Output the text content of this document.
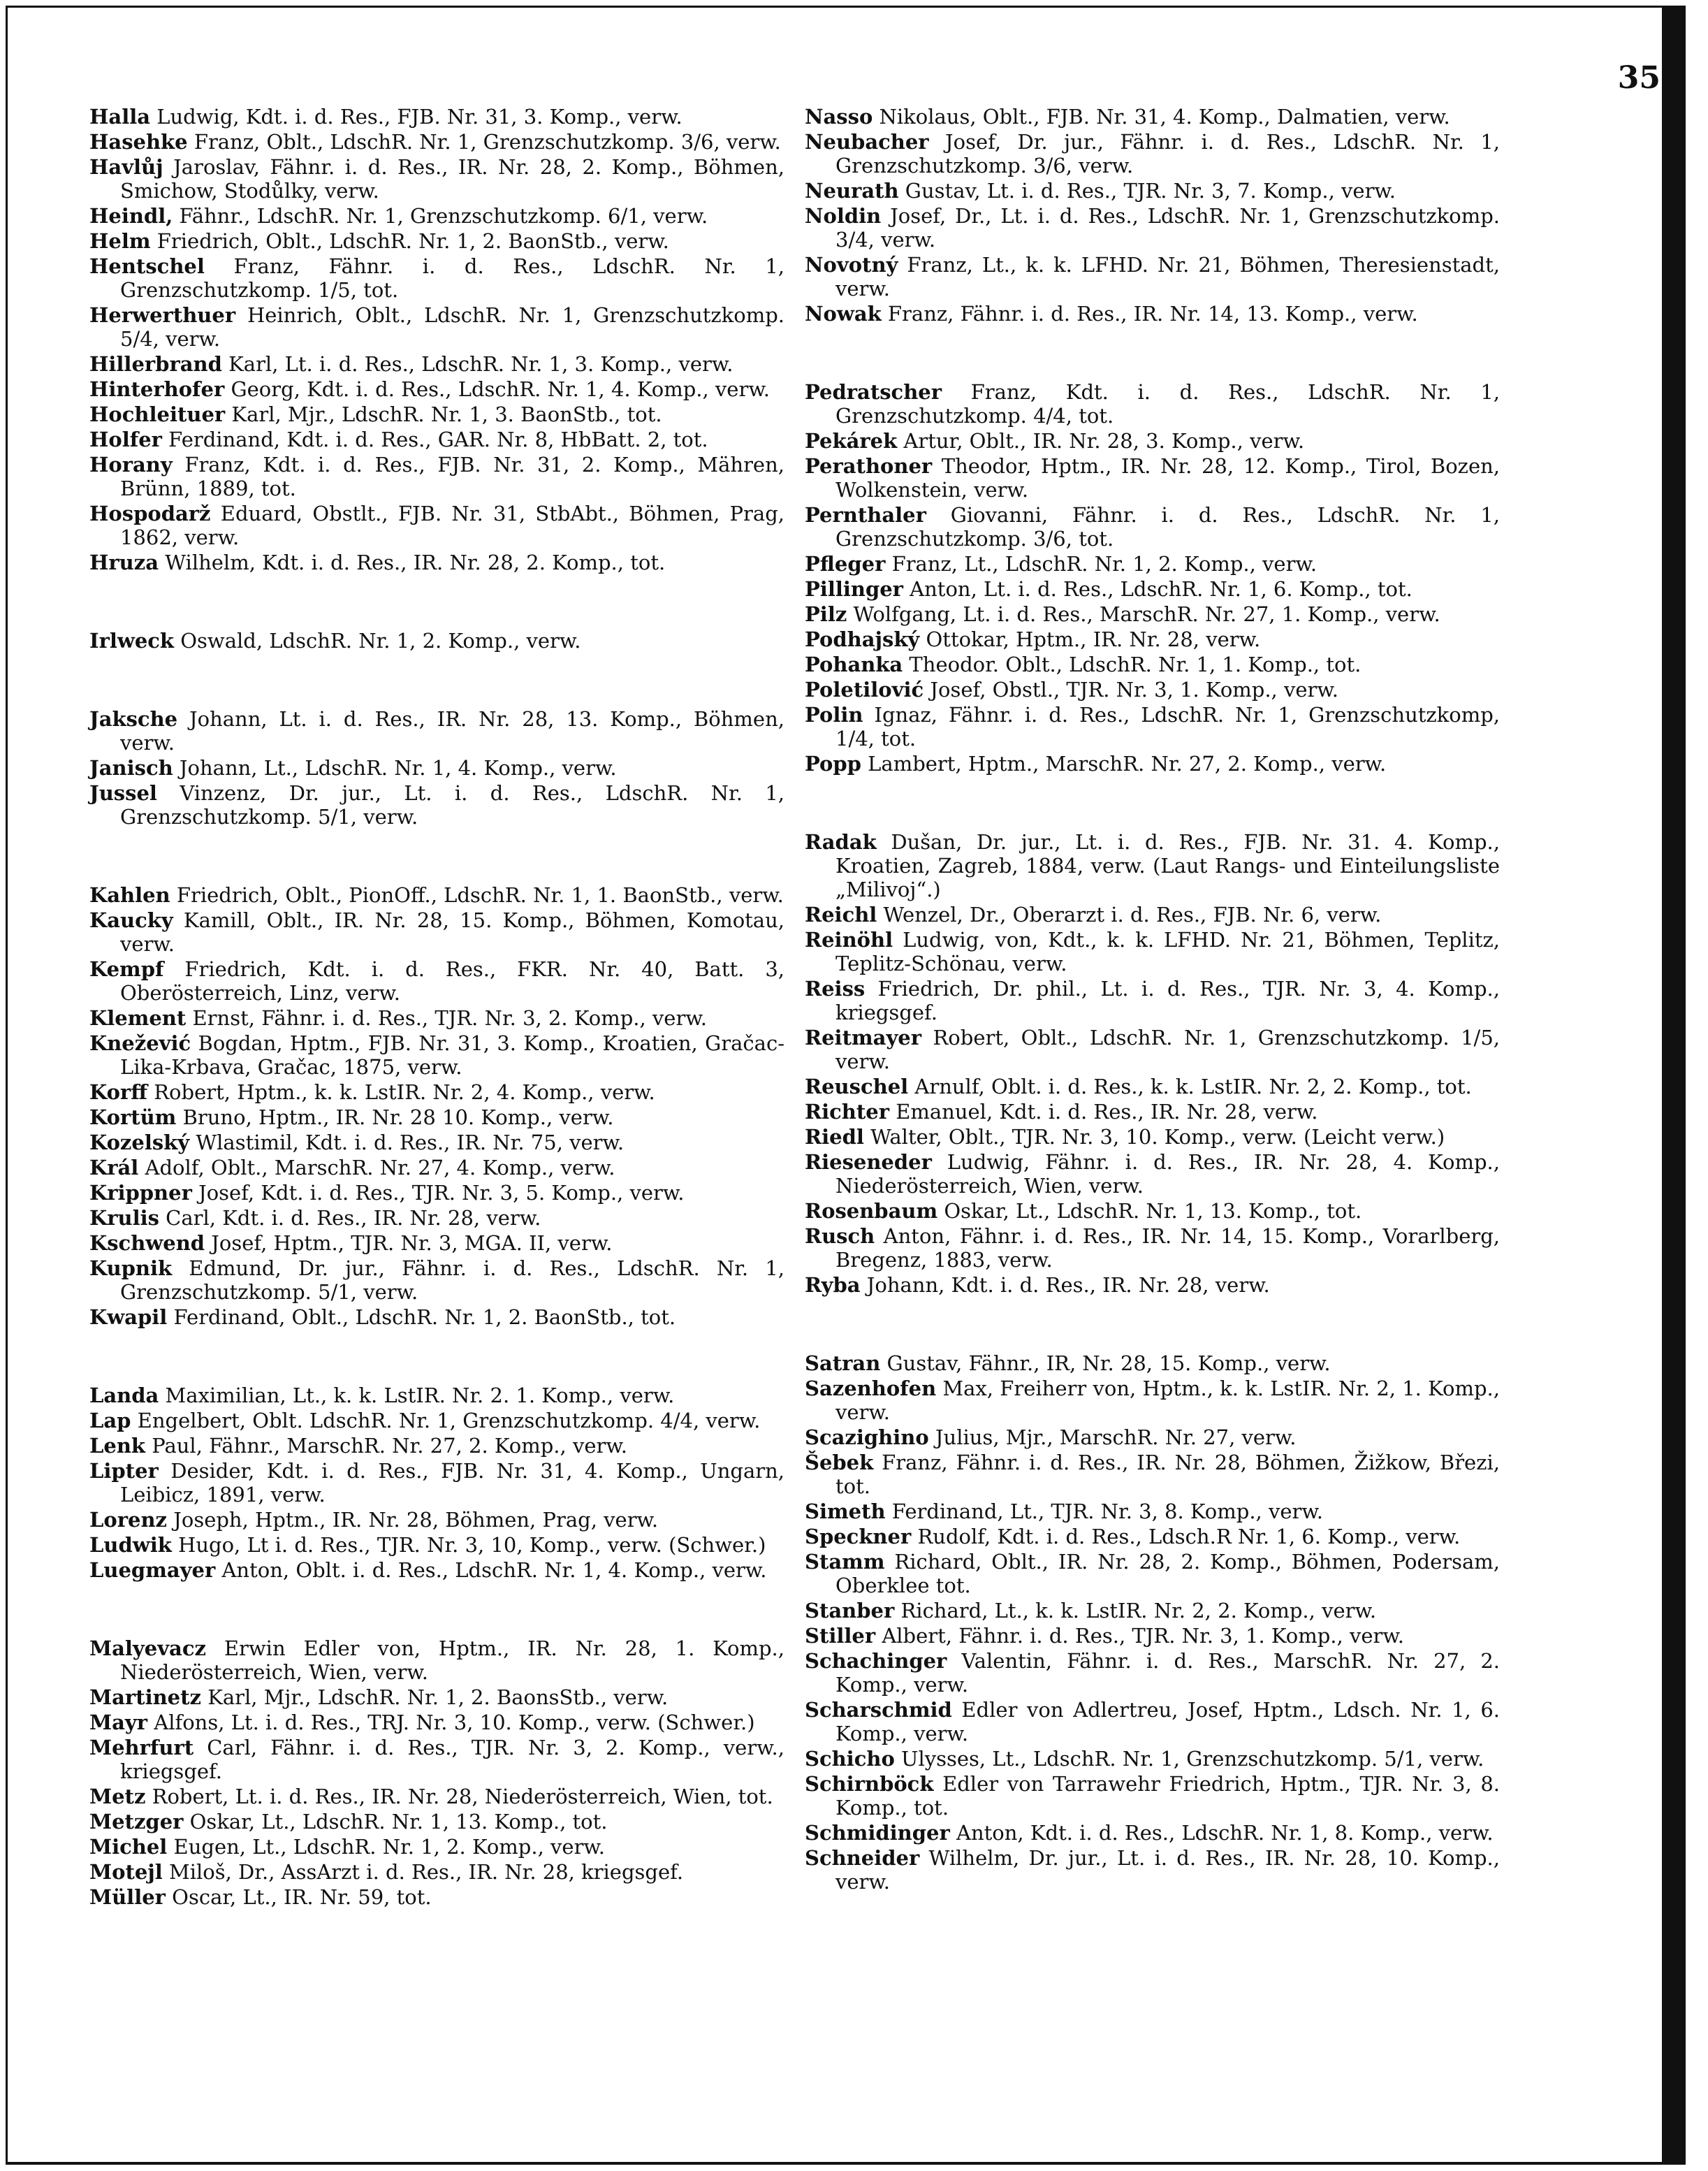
35
Halla Ludwig, Kdt. i. d. Res., FJB. Nr. 31, 3. Komp., verw.
Hasehke Franz, Oblt., LdschR. Nr. 1, Grenzschutzkomp. 3/6, verw.
Havlůj Jaroslav, Fähnr. i. d. Res., IR. Nr. 28, 2. Komp., Böhmen, Smichow, Stodůlky, verw.
Heindl, Fähnr., LdschR. Nr. 1, Grenzschutzkomp. 6/1, verw.
Helm Friedrich, Oblt., LdschR. Nr. 1, 2. BaonStb., verw.
Hentschel Franz, Fähnr. i. d. Res., LdschR. Nr. 1, Grenzschutzkomp. 1/5, tot.
Herwerthuer Heinrich, Oblt., LdschR. Nr. 1, Grenzschutzkomp. 5/4, verw.
Hillerbrand Karl, Lt. i. d. Res., LdschR. Nr. 1, 3. Komp., verw.
Hinterhofer Georg, Kdt. i. d. Res., LdschR. Nr. 1, 4. Komp., verw.
Hochleituer Karl, Mjr., LdschR. Nr. 1, 3. BaonStb., tot.
Holfer Ferdinand, Kdt. i. d. Res., GAR. Nr. 8, HbBatt. 2, tot.
Horany Franz, Kdt. i. d. Res., FJB. Nr. 31, 2. Komp., Mähren, Brünn, 1889, tot.
Hospodarž Eduard, Obstlt., FJB. Nr. 31, StbAbt., Böhmen, Prag, 1862, verw.
Hruza Wilhelm, Kdt. i. d. Res., IR. Nr. 28, 2. Komp., tot.
Irlweck Oswald, LdschR. Nr. 1, 2. Komp., verw.
Jaksche Johann, Lt. i. d. Res., IR. Nr. 28, 13. Komp., Böhmen, verw.
Janisch Johann, Lt., LdschR. Nr. 1, 4. Komp., verw.
Jussel Vinzenz, Dr. jur., Lt. i. d. Res., LdschR. Nr. 1, Grenzschutzkomp. 5/1, verw.
Kahlen Friedrich, Oblt., PionOff., LdschR. Nr. 1, 1. BaonStb., verw.
Kaucky Kamill, Oblt., IR. Nr. 28, 15. Komp., Böhmen, Komotau, verw.
Kempf Friedrich, Kdt. i. d. Res., FKR. Nr. 40, Batt. 3, Oberösterreich, Linz, verw.
Klement Ernst, Fähnr. i. d. Res., TJR. Nr. 3, 2. Komp., verw.
Knežević Bogdan, Hptm., FJB. Nr. 31, 3. Komp., Kroatien, Gračac-Lika-Krbava, Gračac, 1875, verw.
Korff Robert, Hptm., k. k. LstIR. Nr. 2, 4. Komp., verw.
Kortüm Bruno, Hptm., IR. Nr. 28 10. Komp., verw.
Kozelský Wlastimil, Kdt. i. d. Res., IR. Nr. 75, verw.
Král Adolf, Oblt., MarschR. Nr. 27, 4. Komp., verw.
Krippner Josef, Kdt. i. d. Res., TJR. Nr. 3, 5. Komp., verw.
Krulis Carl, Kdt. i. d. Res., IR. Nr. 28, verw.
Kschwend Josef, Hptm., TJR. Nr. 3, MGA. II, verw.
Kupnik Edmund, Dr. jur., Fähnr. i. d. Res., LdschR. Nr. 1, Grenzschutzkomp. 5/1, verw.
Kwapil Ferdinand, Oblt., LdschR. Nr. 1, 2. BaonStb., tot.
Landa Maximilian, Lt., k. k. LstIR. Nr. 2. 1. Komp., verw.
Lap Engelbert, Oblt. LdschR. Nr. 1, Grenzschutzkomp. 4/4, verw.
Lenk Paul, Fähnr., MarschR. Nr. 27, 2. Komp., verw.
Lipter Desider, Kdt. i. d. Res., FJB. Nr. 31, 4. Komp., Ungarn, Leibicz, 1891, verw.
Lorenz Joseph, Hptm., IR. Nr. 28, Böhmen, Prag, verw.
Ludwik Hugo, Lt i. d. Res., TJR. Nr. 3, 10, Komp., verw. (Schwer.)
Luegmayer Anton, Oblt. i. d. Res., LdschR. Nr. 1, 4. Komp., verw.
Malyevacz Erwin Edler von, Hptm., IR. Nr. 28, 1. Komp., Niederösterreich, Wien, verw.
Martinetz Karl, Mjr., LdschR. Nr. 1, 2. BaonsStb., verw.
Mayr Alfons, Lt. i. d. Res., TRJ. Nr. 3, 10. Komp., verw. (Schwer.)
Mehrfurt Carl, Fähnr. i. d. Res., TJR. Nr. 3, 2. Komp., verw., kriegsgef.
Metz Robert, Lt. i. d. Res., IR. Nr. 28, Niederösterreich, Wien, tot.
Metzger Oskar, Lt., LdschR. Nr. 1, 13. Komp., tot.
Michel Eugen, Lt., LdschR. Nr. 1, 2. Komp., verw.
Motejl Miloš, Dr., AssArzt i. d. Res., IR. Nr. 28, kriegsgef.
Müller Oscar, Lt., IR. Nr. 59, tot.
Nasso Nikolaus, Oblt., FJB. Nr. 31, 4. Komp., Dalmatien, verw.
Neubacher Josef, Dr. jur., Fähnr. i. d. Res., LdschR. Nr. 1, Grenzschutzkomp. 3/6, verw.
Neurath Gustav, Lt. i. d. Res., TJR. Nr. 3, 7. Komp., verw.
Noldin Josef, Dr., Lt. i. d. Res., LdschR. Nr. 1, Grenzschutzkomp. 3/4, verw.
Novotný Franz, Lt., k. k. LFHD. Nr. 21, Böhmen, Theresienstadt, verw.
Nowak Franz, Fähnr. i. d. Res., IR. Nr. 14, 13. Komp., verw.
Pedratscher Franz, Kdt. i. d. Res., LdschR. Nr. 1, Grenzschutzkomp. 4/4, tot.
Pekárek Artur, Oblt., IR. Nr. 28, 3. Komp., verw.
Perathoner Theodor, Hptm., IR. Nr. 28, 12. Komp., Tirol, Bozen, Wolkenstein, verw.
Pernthaler Giovanni, Fähnr. i. d. Res., LdschR. Nr. 1, Grenzschutzkomp. 3/6, tot.
Pfleger Franz, Lt., LdschR. Nr. 1, 2. Komp., verw.
Pillinger Anton, Lt. i. d. Res., LdschR. Nr. 1, 6. Komp., tot.
Pilz Wolfgang, Lt. i. d. Res., MarschR. Nr. 27, 1. Komp., verw.
Podhajský Ottokar, Hptm., IR. Nr. 28, verw.
Pohanka Theodor. Oblt., LdschR. Nr. 1, 1. Komp., tot.
Poletilović Josef, Obstl., TJR. Nr. 3, 1. Komp., verw.
Polin Ignaz, Fähnr. i. d. Res., LdschR. Nr. 1, Grenzschutzkomp, 1/4, tot.
Popp Lambert, Hptm., MarschR. Nr. 27, 2. Komp., verw.
Radak Dušan, Dr. jur., Lt. i. d. Res., FJB. Nr. 31. 4. Komp., Kroatien, Zagreb, 1884, verw. (Laut Rangs- und Einteilungsliste „Milivoj“.)
Reichl Wenzel, Dr., Oberarzt i. d. Res., FJB. Nr. 6, verw.
Reinöhl Ludwig, von, Kdt., k. k. LFHD. Nr. 21, Böhmen, Teplitz, Teplitz-Schönau, verw.
Reiss Friedrich, Dr. phil., Lt. i. d. Res., TJR. Nr. 3, 4. Komp., kriegsgef.
Reitmayer Robert, Oblt., LdschR. Nr. 1, Grenzschutzkomp. 1/5, verw.
Reuschel Arnulf, Oblt. i. d. Res., k. k. LstIR. Nr. 2, 2. Komp., tot.
Richter Emanuel, Kdt. i. d. Res., IR. Nr. 28, verw.
Riedl Walter, Oblt., TJR. Nr. 3, 10. Komp., verw. (Leicht verw.)
Rieseneder Ludwig, Fähnr. i. d. Res., IR. Nr. 28, 4. Komp., Niederösterreich, Wien, verw.
Rosenbaum Oskar, Lt., LdschR. Nr. 1, 13. Komp., tot.
Rusch Anton, Fähnr. i. d. Res., IR. Nr. 14, 15. Komp., Vorarlberg, Bregenz, 1883, verw.
Ryba Johann, Kdt. i. d. Res., IR. Nr. 28, verw.
Satran Gustav, Fähnr., IR, Nr. 28, 15. Komp., verw.
Sazenhofen Max, Freiherr von, Hptm., k. k. LstIR. Nr. 2, 1. Komp., verw.
Scazighino Julius, Mjr., MarschR. Nr. 27, verw.
Šebek Franz, Fähnr. i. d. Res., IR. Nr. 28, Böhmen, Žižkow, Březi, tot.
Simeth Ferdinand, Lt., TJR. Nr. 3, 8. Komp., verw.
Speckner Rudolf, Kdt. i. d. Res., Ldsch.R Nr. 1, 6. Komp., verw.
Stamm Richard, Oblt., IR. Nr. 28, 2. Komp., Böhmen, Podersam, Oberklee tot.
Stanber Richard, Lt., k. k. LstIR. Nr. 2, 2. Komp., verw.
Stiller Albert, Fähnr. i. d. Res., TJR. Nr. 3, 1. Komp., verw.
Schachinger Valentin, Fähnr. i. d. Res., MarschR. Nr. 27, 2. Komp., verw.
Scharschmid Edler von Adlertreu, Josef, Hptm., Ldsch. Nr. 1, 6. Komp., verw.
Schicho Ulysses, Lt., LdschR. Nr. 1, Grenzschutzkomp. 5/1, verw.
Schirnböck Edler von Tarrawehr Friedrich, Hptm., TJR. Nr. 3, 8. Komp., tot.
Schmidinger Anton, Kdt. i. d. Res., LdschR. Nr. 1, 8. Komp., verw.
Schneider Wilhelm, Dr. jur., Lt. i. d. Res., IR. Nr. 28, 10. Komp., verw.
